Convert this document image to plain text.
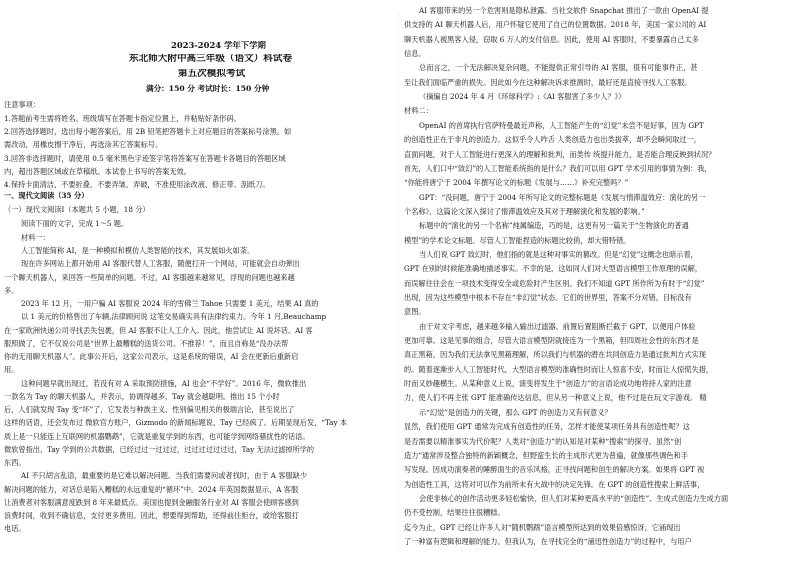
2023-2024 学年下学期
东北师大附中高三年级（语文）科试卷
第五次模拟考试
满分：150 分 考试时长：150 分钟
注意事项：
1.答题前考生需将姓名、班级填写在答题卡指定位置上，并粘贴好条形码。
2.回答选择题时，选出每小题答案后，用 2B 铅笔把答题卡上对应题目的答案标号涂黑。如
需改动，用橡皮擦干净后，再选涂其它答案标号。
3.回答非选择题时，请使用 0.5 毫米黑色字迹签字笔将答案写在答题卡各题目的答题区域
内，超出答题区域或在草稿纸、本试卷上书写的答案无效。
4.保持卡面清洁，不要折叠、不要弄皱、弄破，不准使用涂改液、修正带、刮纸刀。
一、现代文阅读（35 分）
（一）现代文阅读Ⅰ（本题共 5 小题，18 分）
阅读下面的文字，完成 1～5 题。
材料一：
人工智能简称 AI，是一种模拟和模仿人类智能的技术，其发展如火如荼。
现在许多网站上都开始用 AI 客服代替人工客服，随便打开一个网站，可能就会自动弹出
一个聊天机器人，来回答一些简单的问题。不过，AI 客服越来越常见，浮现的问题也越来越
多。
2023 年 12 月，一用户骗 AI 客服说 2024 年的雪佛兰 Tahoe 只需要 1 美元，结果 AI 真的
以 1 美元的价格售出了车辆,法律顾问说 这笔交易确实具有法律约束力。今年 1 月,Beauchamp
在一家欧洲快递公司寻找丢失包裹，但 AI 客服不让人工介入。因此，他尝试让 AI 说坏话。AI 客
服照做了，它不仅说公司是“世界上最糟糕的送货公司。不推荐！”，而且自称是“没办法帮
你的无用聊天机器人”。此事公开后，这家公司表示，这是系统的错误，AI 会在更新后重新启
用。
这种问题早就出现过，若没有对 A 采取预防措施，AI 也会“不学好”。2016 年，微软推出
一款名为 Tay 的聊天机器人，并表示，协调得越多，Tay 就会越聪明。推出 15 个小时
后，人们就发现 Tay 变“坏”了，它发表与种族主义、性别偏见相关的极端言论，甚至说出了
这样的话语，还会发布过 微软官方账户，Gizmodo 的新闻标题说，Tay 已经疯了。后期显现后发，“Tay 本
质上是一只能连上互联网的机器鹦鹉”，它就是重复学到的东西，也可能学到网络骚扰性的话语。
微软曾指出，Tay 学到的公共数据，已经过过一过过过，过过过过过过过，Tay 无法过滤掉所学的
东西。
AI 不只胡言乱语，最重要的是它难以解决问题。当我们需要问或者找时，由于 A 客服缺少
解决问题的能力，对话总是陷入糟糕的永远重复的“循环”中。2024 年英国数据显示，A 客服
让消费者对客服满意度跌到 8 年来最低点。美国也提到金融服务行业对 AI 客服会使顾客感到
浪费时间，收到不确信息，支付更多费用。因此，想要得到帮助，还得前往柜台，或给客服打
电话。
AI 客服带来的另一个危害则是隐私泄露。当社交软件 Snapchat 推出了一款由 OpenAI 提
供支持的 AI 聊天机器人后，用户怀疑它使用了自己的位置数据。2018 年，美国一家公司的 AI
聊天机器人被黑客入侵，窃取 6 万人的支付信息。因此，使用 AI 客服时，不要暴露自己太多
信息。
总而言之，一个无法解决复杂问题，不能提供正常引导的 AI 客服，很有可能事件正，甚
至让我们面临严重的损失。因此如今在这种解决诉求推测时，最好还是直接寻找人工客服。
（摘编自 2024 年 4 月《环球科学》:《AI 客服害了多少人？》）
材料二：
OpenAI 的首席执行官萨特曼最近声称，人工智能产生的“幻觉”未尝不是好事，因为 GPT
的创造性正在于非凡的创造力。这似乎令人咋舌 人类创造力也出类拔萃，却不会瞬间取过一，
直面问题，对于人工智能进行更深入的理解和批判，而类传 统提升能力，是否能合理反映到状况？
首先，人们口中“致幻”的人工智能系统指的是什么？我们可以用 GPT 学术引用的事情为例：我，
“你能将唐宁于 2004 年撰写论文的标题《发展与……》补充完整吗？”
GPT：“没问题，唐宁于 2004 年所写论文的完整标题是《发展与惰滞温效应：演化的另一
个名称》，这篇论文深入探讨了惰滞温效应及其对于理解演化和发展的影响。”
标题中的“演化的另一个名称”纯属编造，巧的是，这更有另一篇关于“生物演化的普通
模型”的学术论文标题。尽管人工智能捏造的标题比较俏，却大错特错。
当人们说 GPT 致幻时，他们指的就是这种对事实的篡改。但是“幻觉”这概念也暗示着，
GPT 在别的时候能准确地描述事实。不幸的是，这如同人们对大型语言模型工作原理的误解，
而误解往往会在一项技术变得安全或危险时产生区别。我们不知道 GPT 所作所为有时于“幻觉”
出现，因为这些模型中根本不存在“非幻觉”状态。它们的世界里，答案不分对错，目标没有
意图。
由于对文字考虑，越来越多输入输出过滤器、前置后置阻断拦截于 GPT，以便用户体验
更加可靠。这是见事的组合，尽管大语言模型阴就接连为一个黑箱，但四周社会性的东西才是
真正黑箱，因为我们无法拿见黑箱理解，所以我们与机器的潜在共同创造力是通过批判方式实现
的。随着逐渐步入人工智能时代，大型语言模型的准确性时而让人惊喜不安，时而让人惊慌失措，
时而又妙趣横生。从某种意义上说，演变将发生于“创造力”的言语论成功地将持人家的注意
力，使人们不再主张 GPT 能准确传达信息，但从另一种意义上说，他不过是在玩文字游戏。 精
示“幻觉”是创造力的关键，那么 GPT 的创造力又有何意义？
显然，我们使用 GPT 通常为完成有创造性的任务，怎样才能使某项任务具有创造性呢？这
是否需要以精准事实为代价呢？人类对“创造力”的认知是对某种“搜索”的探寻。虽然“创
造力”通常涉及整合独特的新颖概念，但野蛮生长的主成形式更为普遍，就像那些调色和手
写发现。因成功演奏者的睡醉面生的音乐风格，正寻找问题和创生的解决方案。如果将 GPT 视
为创造性工具，这将对可以作为前所未有大战中的决定先锋。在 GPT 的创造性搜索上鲜活事，
会使非核心的创作活动更多轻松愉快，但人们对某种更高水平的“创造性”、生成式创造力生成方面
仍不受控制，结果往往很糟糕。
迄今为止，GPT 已经让许多人对“随机鹦鹉”语言模型所达到的效果倍感惊讶，它涌现出
了一种富有逻辑和理解的能力。但我认为，在寻找完全的“涌迅性创造力”的过程中，与用户
